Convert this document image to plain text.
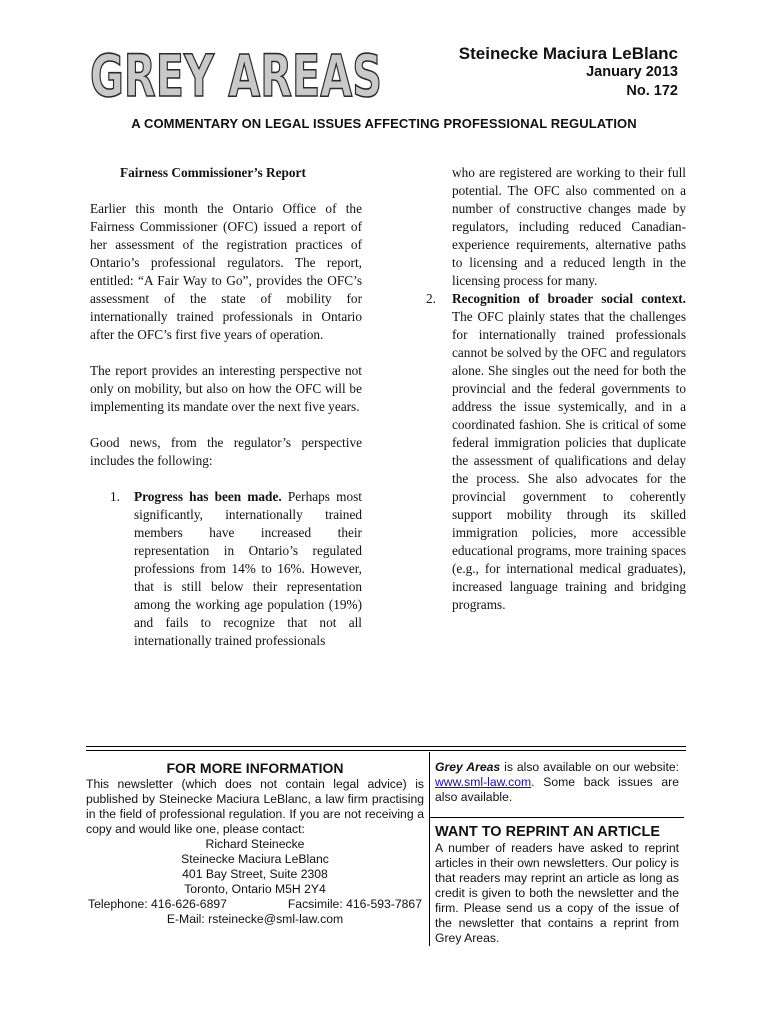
GREY AREAS	Steinecke Maciura LeBlanc
January 2013
No. 172
A COMMENTARY ON LEGAL ISSUES AFFECTING PROFESSIONAL REGULATION

Fairness Commissioner’s Report

Earlier this month the Ontario Office of the Fairness Commissioner (OFC) issued a report of her assessment of the registration practices of Ontario’s professional regulators. The report, entitled: “A Fair Way to Go”, provides the OFC’s assessment of the state of mobility for internationally trained professionals in Ontario after the OFC’s first five years of operation.

The report provides an interesting perspective not only on mobility, but also on how the OFC will be implementing its mandate over the next five years.

Good news, from the regulator’s perspective includes the following:

1. Progress has been made. Perhaps most significantly, internationally trained members have increased their representation in Ontario’s regulated professions from 14% to 16%. However, that is still below their representation among the working age population (19%) and fails to recognize that not all internationally trained professionals

who are registered are working to their full potential. The OFC also commented on a number of constructive changes made by regulators, including reduced Canadian-experience requirements, alternative paths to licensing and a reduced length in the licensing process for many.

2. Recognition of broader social context. The OFC plainly states that the challenges for internationally trained professionals cannot be solved by the OFC and regulators alone. She singles out the need for both the provincial and the federal governments to address the issue systemically, and in a coordinated fashion. She is critical of some federal immigration policies that duplicate the assessment of qualifications and delay the process. She also advocates for the provincial government to coherently support mobility through its skilled immigration policies, more accessible educational programs, more training spaces (e.g., for international medical graduates), increased language training and bridging programs.
FOR MORE INFORMATION
This newsletter (which does not contain legal advice) is published by Steinecke Maciura LeBlanc, a law firm practising in the field of professional regulation. If you are not receiving a copy and would like one, please contact:
Richard Steinecke
Steinecke Maciura LeBlanc
401 Bay Street, Suite 2308
Toronto, Ontario M5H 2Y4
Telephone: 416-626-6897	Facsimile: 416-593-7867
E-Mail: rsteinecke@sml-law.com
Grey Areas is also available on our website: www.sml-law.com. Some back issues are also available.
WANT TO REPRINT AN ARTICLE
A number of readers have asked to reprint articles in their own newsletters. Our policy is that readers may reprint an article as long as credit is given to both the newsletter and the firm. Please send us a copy of the issue of the newsletter that contains a reprint from Grey Areas.
